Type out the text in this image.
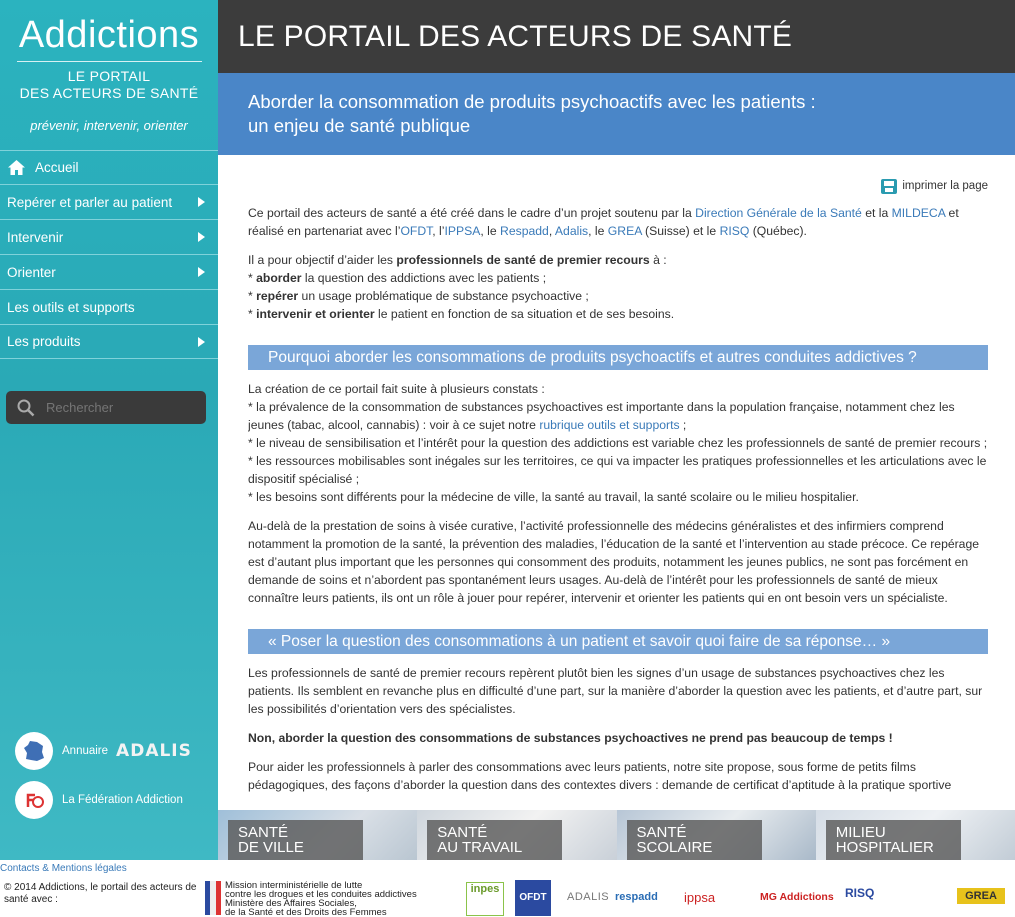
Addictions
LE PORTAIL
DES ACTEURS DE SANTÉ
prévenir, intervenir, orienter
Accueil
Repérer et parler au patient
Intervenir
Orienter
Les outils et supports
Les produits
Rechercher
Annuaire ADALIS
La Fédération Addiction
LE PORTAIL DES ACTEURS DE SANTÉ
Aborder la consommation de produits psychoactifs avec les patients :
un enjeu de santé publique
imprimer la page

Ce portail des acteurs de santé a été créé dans le cadre d’un projet soutenu par la Direction Générale de la Santé et la MILDECA et réalisé en partenariat avec l’OFDT, l’IPPSA, le Respadd, Adalis, le GREA (Suisse) et le RISQ (Québec).

Il a pour objectif d’aider les professionnels de santé de premier recours à :
* aborder la question des addictions avec les patients ;
* repérer un usage problématique de substance psychoactive ;
* intervenir et orienter le patient en fonction de sa situation et de ses besoins.

Pourquoi aborder les consommations de produits psychoactifs et autres conduites addictives ?

La création de ce portail fait suite à plusieurs constats :
* la prévalence de la consommation de substances psychoactives est importante dans la population française, notamment chez les jeunes (tabac, alcool, cannabis) : voir à ce sujet notre rubrique outils et supports ;
* le niveau de sensibilisation et l’intérêt pour la question des addictions est variable chez les professionnels de santé de premier recours ;
* les ressources mobilisables sont inégales sur les territoires, ce qui va impacter les pratiques professionnelles et les articulations avec le dispositif spécialisé ;
* les besoins sont différents pour la médecine de ville, la santé au travail, la santé scolaire ou le milieu hospitalier.

Au-delà de la prestation de soins à visée curative, l’activité professionnelle des médecins généralistes et des infirmiers comprend notamment la promotion de la santé, la prévention des maladies, l’éducation de la santé et l’intervention au stade précoce. Ce repérage est d’autant plus important que les personnes qui consomment des produits, notamment les jeunes publics, ne sont pas forcément en demande de soins et n’abordent pas spontanément leurs usages. Au-delà de l’intérêt pour les professionnels de santé de mieux connaître leurs patients, ils ont un rôle à jouer pour repérer, intervenir et orienter les patients qui en ont besoin vers un spécialiste.

« Poser la question des consommations à un patient et savoir quoi faire de sa réponse… »

Les professionnels de santé de premier recours repèrent plutôt bien les signes d’un usage de substances psychoactives chez les patients. Ils semblent en revanche plus en difficulté d’une part, sur la manière d’aborder la question avec les patients, et d’autre part, sur les possibilités d’orientation vers des spécialistes.

Non, aborder la question des consommations de substances psychoactives ne prend pas beaucoup de temps !

Pour aider les professionnels à parler des consommations avec leurs patients, notre site propose, sous forme de petits films pédagogiques, des façons d’aborder la question dans des contextes divers : demande de certificat d’aptitude à la pratique sportive

SANTÉ
DE VILLE
SANTÉ
AU TRAVAIL
SANTÉ
SCOLAIRE
MILIEU
HOSPITALIER
Contacts & Mentions légales
© 2014 Addictions, le portail des acteurs de santé avec :
Mission interministérielle de lutte
contre les drogues et les conduites addictives
Ministère des Affaires Sociales,
de la Santé et des Droits des Femmes
inpes
OFDT	ADALIS respadd ippsa	MG Addictions RISQ	GREA
